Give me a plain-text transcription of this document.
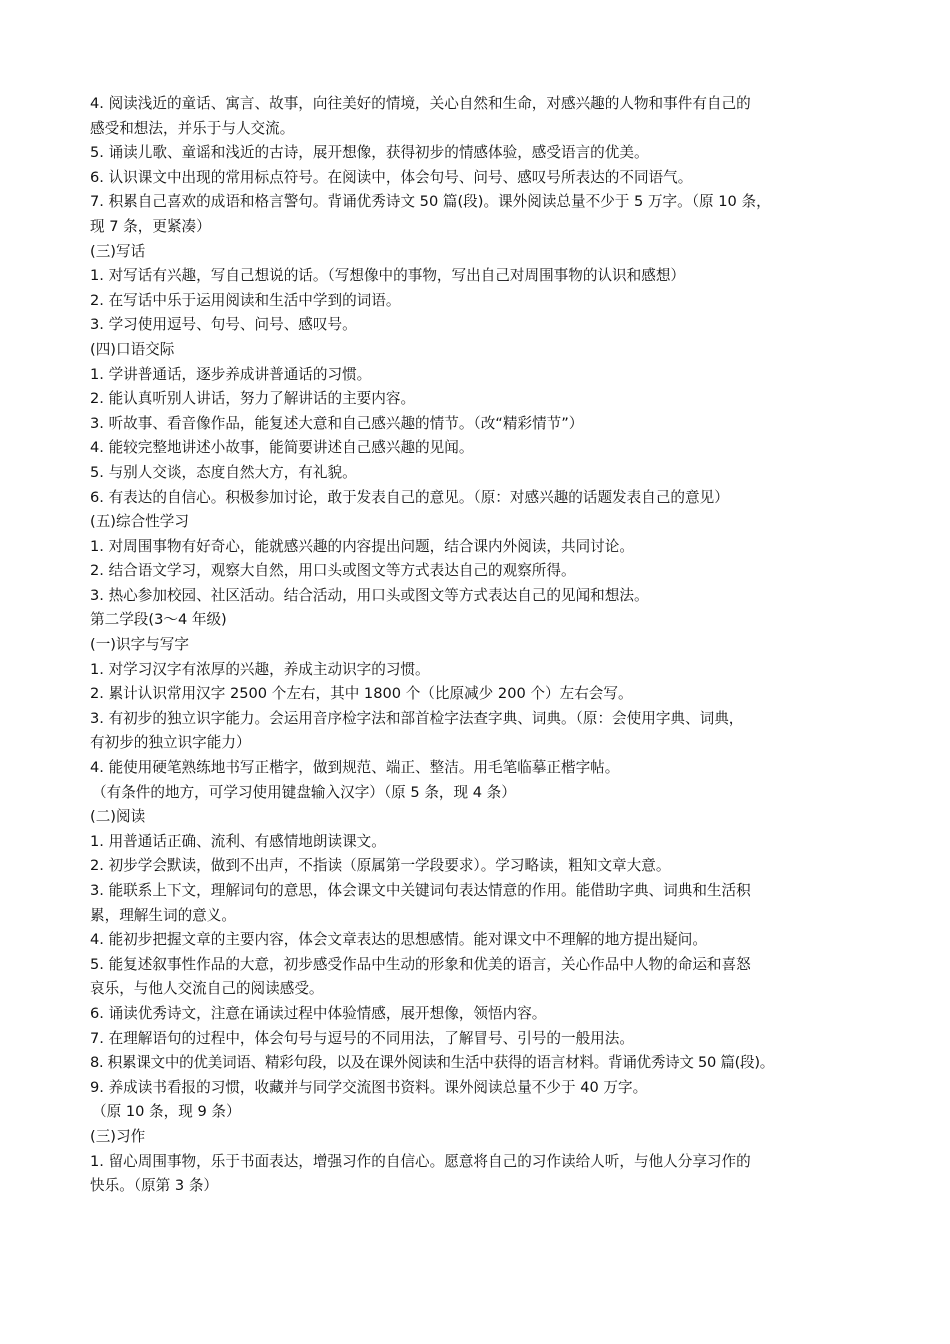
4. 阅读浅近的童话、寓言、故事，向往美好的情境，关心自然和生命，对感兴趣的人物和事件有自己的
感受和想法，并乐于与人交流。
5. 诵读儿歌、童谣和浅近的古诗，展开想像，获得初步的情感体验，感受语言的优美。
6. 认识课文中出现的常用标点符号。在阅读中，体会句号、问号、感叹号所表达的不同语气。
7. 积累自己喜欢的成语和格言警句。背诵优秀诗文 50 篇(段)。课外阅读总量不少于 5 万字。（原 10 条，
现 7 条，更紧凑）
(三)写话
1. 对写话有兴趣，写自己想说的话。（写想像中的事物，写出自己对周围事物的认识和感想）
2. 在写话中乐于运用阅读和生活中学到的词语。
3. 学习使用逗号、句号、问号、感叹号。
(四)口语交际
1. 学讲普通话，逐步养成讲普通话的习惯。
2. 能认真听别人讲话，努力了解讲话的主要内容。
3. 听故事、看音像作品，能复述大意和自己感兴趣的情节。（改“精彩情节”）
4. 能较完整地讲述小故事，能简要讲述自己感兴趣的见闻。
5. 与别人交谈，态度自然大方，有礼貌。
6. 有表达的自信心。积极参加讨论，敢于发表自己的意见。（原：对感兴趣的话题发表自己的意见）
(五)综合性学习
1. 对周围事物有好奇心，能就感兴趣的内容提出问题，结合课内外阅读，共同讨论。
2. 结合语文学习，观察大自然，用口头或图文等方式表达自己的观察所得。
3. 热心参加校园、社区活动。结合活动，用口头或图文等方式表达自己的见闻和想法。
第二学段(3～4 年级)
(一)识字与写字
1. 对学习汉字有浓厚的兴趣，养成主动识字的习惯。
2. 累计认识常用汉字 2500 个左右，其中 1800 个（比原减少 200 个）左右会写。
3. 有初步的独立识字能力。会运用音序检字法和部首检字法查字典、词典。（原：会使用字典、词典，
有初步的独立识字能力）
4. 能使用硬笔熟练地书写正楷字，做到规范、端正、整洁。用毛笔临摹正楷字帖。
（有条件的地方，可学习使用键盘输入汉字）（原 5 条，现 4 条）
(二)阅读
1. 用普通话正确、流利、有感情地朗读课文。
2. 初步学会默读，做到不出声，不指读（原属第一学段要求）。学习略读，粗知文章大意。
3. 能联系上下文，理解词句的意思，体会课文中关键词句表达情意的作用。能借助字典、词典和生活积
累，理解生词的意义。
4. 能初步把握文章的主要内容，体会文章表达的思想感情。能对课文中不理解的地方提出疑问。
5. 能复述叙事性作品的大意，初步感受作品中生动的形象和优美的语言，关心作品中人物的命运和喜怒
哀乐，与他人交流自己的阅读感受。
6. 诵读优秀诗文，注意在诵读过程中体验情感，展开想像，领悟内容。
7. 在理解语句的过程中，体会句号与逗号的不同用法，了解冒号、引号的一般用法。
8. 积累课文中的优美词语、精彩句段，以及在课外阅读和生活中获得的语言材料。背诵优秀诗文 50 篇(段)。
9. 养成读书看报的习惯，收藏并与同学交流图书资料。课外阅读总量不少于 40 万字。
（原 10 条，现 9 条）
(三)习作
1. 留心周围事物，乐于书面表达，增强习作的自信心。愿意将自己的习作读给人听，与他人分享习作的
快乐。（原第 3 条）
